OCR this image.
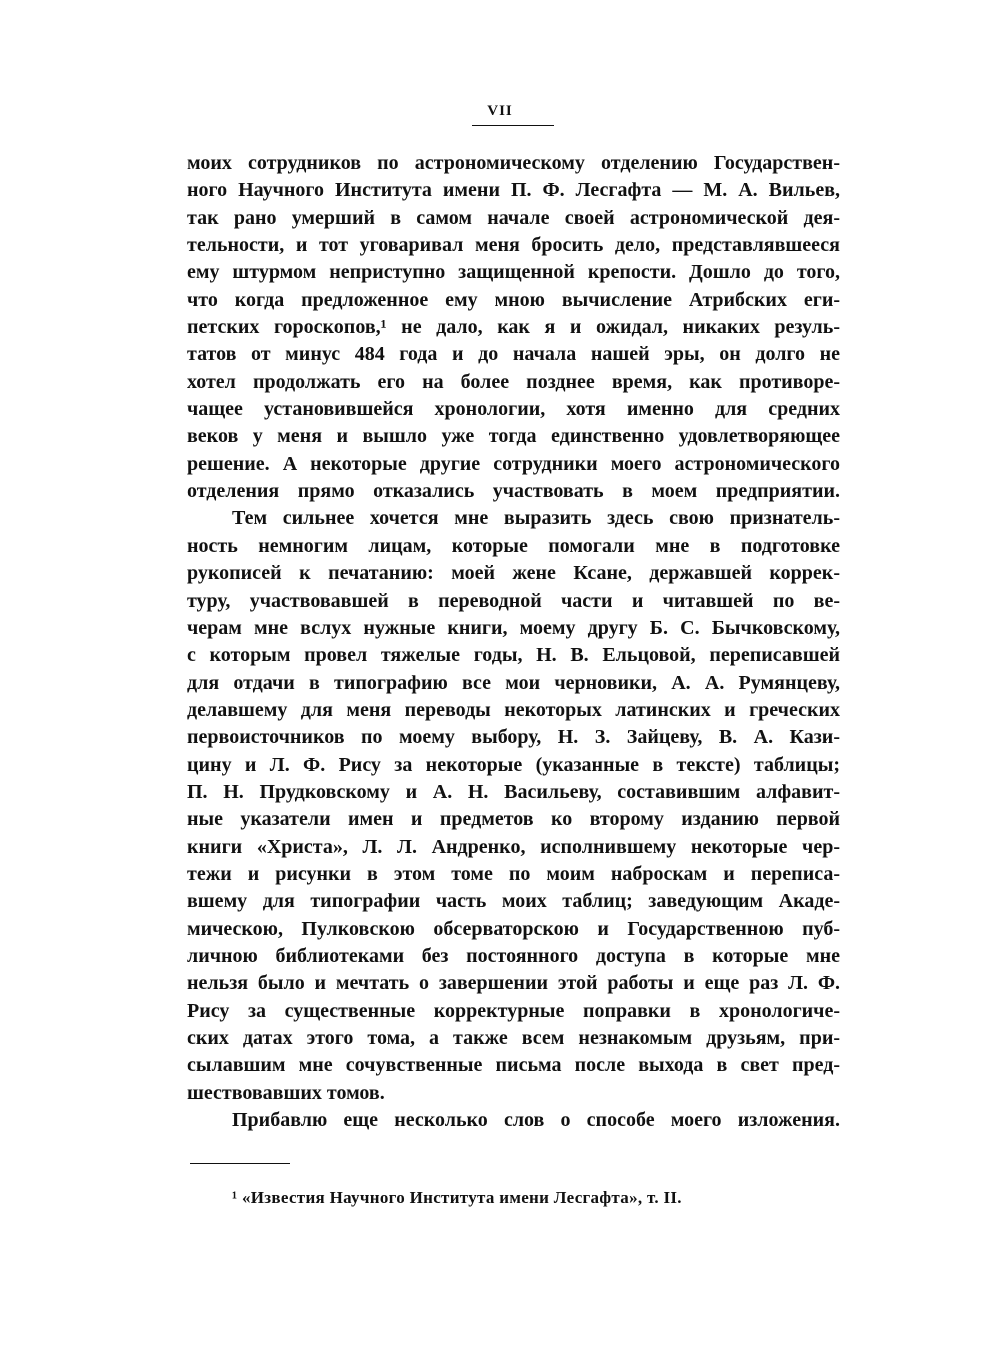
VII
моих сотрудников по астрономическому отделению Государствен-
ного Научного Института имени П. Ф. Лесгафта — М. А. Вильев,
так рано умерший в самом начале своей астрономической дея-
тельности, и тот уговаривал меня бросить дело, представлявшееся
ему штурмом неприступно защищенной крепости. Дошло до того,
что когда предложенное ему мною вычисление Атрибских еги-
петских гороскопов,¹ не дало, как я и ожидал, никаких резуль-
татов от минус 484 года и до начала нашей эры, он долго не
хотел продолжать его на более позднее время, как противоре-
чащее установившейся хронологии, хотя именно для средних
веков у меня и вышло уже тогда единственно удовлетворяющее
решение. А некоторые другие сотрудники моего астрономического
отделения прямо отказались участвовать в моем предприятии.
Тем сильнее хочется мне выразить здесь свою признатель-
ность немногим лицам, которые помогали мне в подготовке
рукописей к печатанию: моей жене Ксане, державшей коррек-
туру, участвовавшей в переводной части и читавшей по ве-
черам мне вслух нужные книги, моему другу Б. С. Бычковскому,
с которым провел тяжелые годы, Н. В. Ельцовой, переписавшей
для отдачи в типографию все мои черновики, А. А. Румянцеву,
делавшему для меня переводы некоторых латинских и греческих
первоисточников по моему выбору, Н. З. Зайцеву, В. А. Кази-
цину и Л. Ф. Рису за некоторые (указанные в тексте) таблицы;
П. Н. Прудковскому и А. Н. Васильеву, составившим алфавит-
ные указатели имен и предметов ко второму изданию первой
книги «Христа», Л. Л. Андренко, исполнившему некоторые чер-
тежи и рисунки в этом томе по моим наброскам и переписа-
вшему для типографии часть моих таблиц; заведующим Акаде-
мическою, Пулковскою обсерваторскою и Государственною пуб-
личною библиотеками без постоянного доступа в которые мне
нельзя было и мечтать о завершении этой работы и еще раз Л. Ф.
Рису за существенные корректурные поправки в хронологиче-
ских датах этого тома, а также всем незнакомым друзьям, при-
сылавшим мне сочувственные письма после выхода в свет пред-
шествовавших томов.
Прибавлю еще несколько слов о способе моего изложения.
¹ «Известия Научного Института имени Лесгафта», т. II.
